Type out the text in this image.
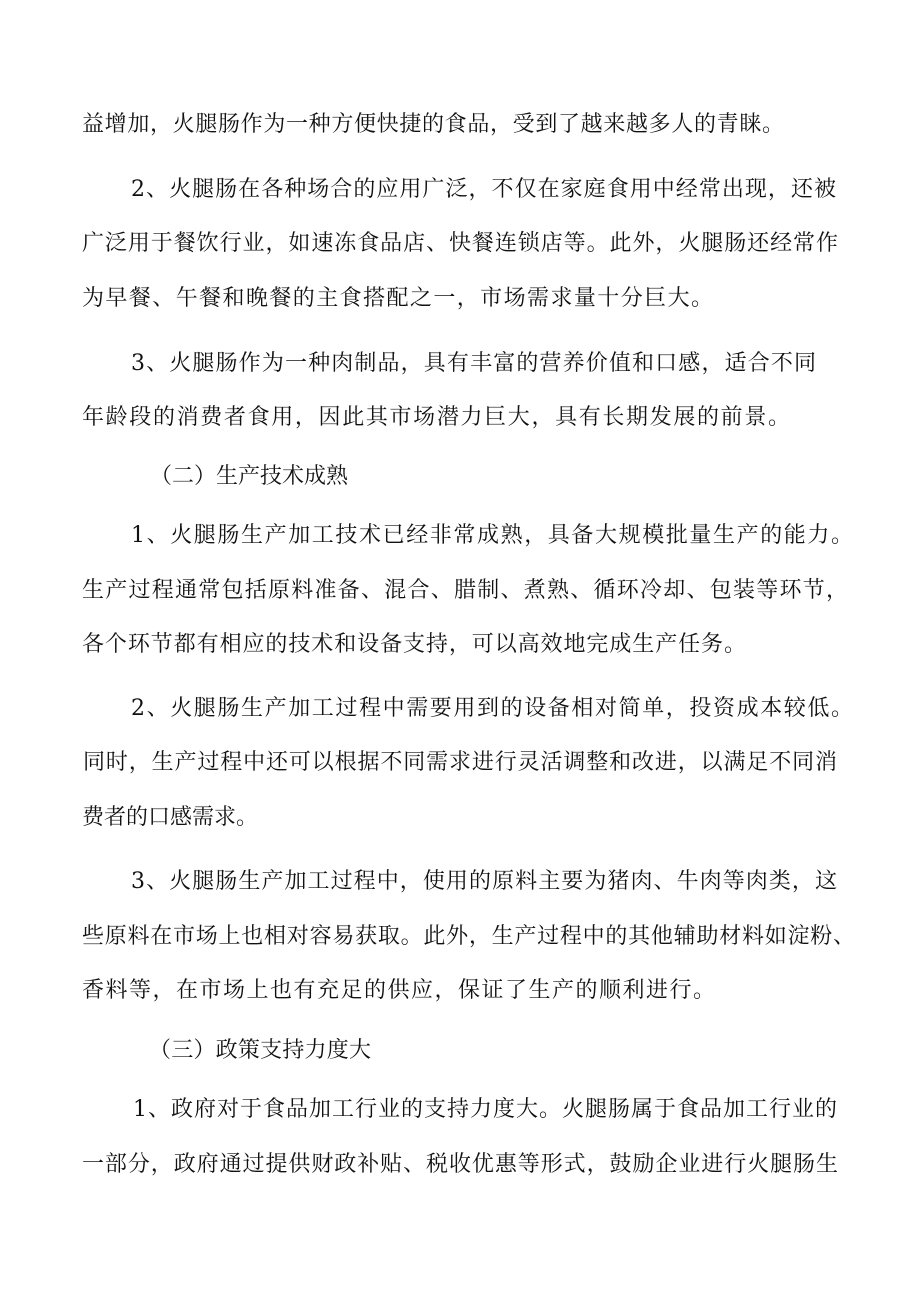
益增加，火腿肠作为一种方便快捷的食品，受到了越来越多人的青睐。
2、火腿肠在各种场合的应用广泛，不仅在家庭食用中经常出现，还被
广泛用于餐饮行业，如速冻食品店、快餐连锁店等。此外，火腿肠还经常作
为早餐、午餐和晚餐的主食搭配之一，市场需求量十分巨大。
3、火腿肠作为一种肉制品，具有丰富的营养价值和口感，适合不同
年龄段的消费者食用，因此其市场潜力巨大，具有长期发展的前景。
（二）生产技术成熟
1、火腿肠生产加工技术已经非常成熟，具备大规模批量生产的能力。
生产过程通常包括原料准备、混合、腊制、煮熟、循环冷却、包装等环节，
各个环节都有相应的技术和设备支持，可以高效地完成生产任务。
2、火腿肠生产加工过程中需要用到的设备相对简单，投资成本较低。
同时，生产过程中还可以根据不同需求进行灵活调整和改进，以满足不同消
费者的口感需求。
3、火腿肠生产加工过程中，使用的原料主要为猪肉、牛肉等肉类，这
些原料在市场上也相对容易获取。此外，生产过程中的其他辅助材料如淀粉、
香料等，在市场上也有充足的供应，保证了生产的顺利进行。
（三）政策支持力度大
1、政府对于食品加工行业的支持力度大。火腿肠属于食品加工行业的
一部分，政府通过提供财政补贴、税收优惠等形式，鼓励企业进行火腿肠生
